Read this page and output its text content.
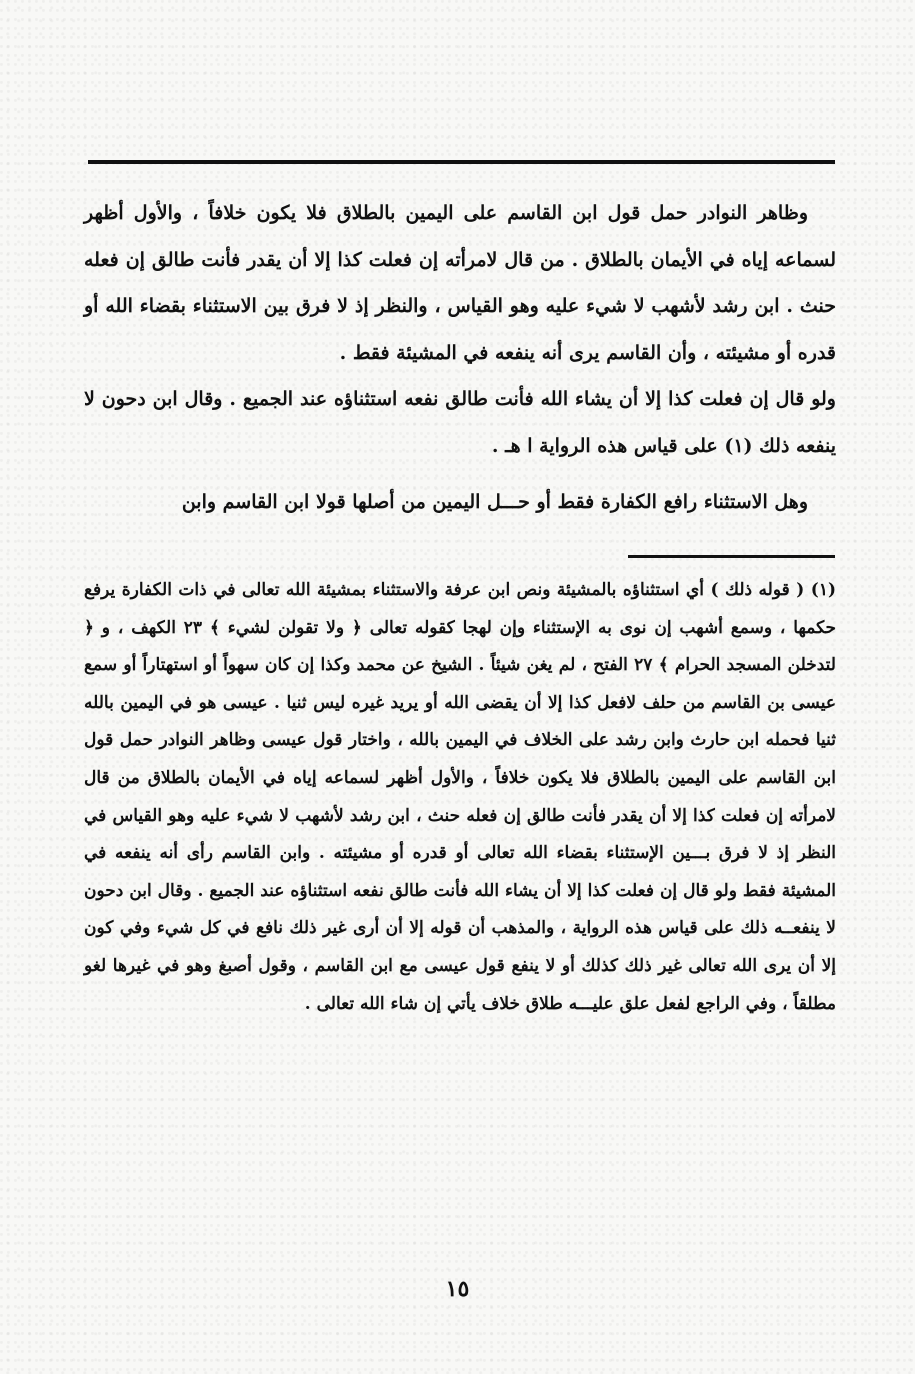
وظاهر النوادر حمل قول ابن القاسم على اليمين بالطلاق فلا يكون خلافاً ، والأول أظهر لسماعه إياه في الأيمان بالطلاق . من قال لامرأته إن فعلت كذا إلا أن يقدر فأنت طالق إن فعله حنث . ابن رشد لأشهب لا شيء عليه وهو القياس ، والنظر إذ لا فرق بين الاستثناء بقضاء الله أو قدره أو مشيئته ، وأن القاسم يرى أنه ينفعه في المشيئة فقط .

ولو قال إن فعلت كذا إلا أن يشاء الله فأنت طالق نفعه استثناؤه عند الجميع . وقال ابن دحون لا ينفعه ذلك (١) على قياس هذه الرواية ا هـ .

وهل الاستثناء رافع الكفارة فقط أو حـــل اليمين من أصلها قولا ابن القاسم وابن

(١) ( قوله ذلك ) أي استثناؤه بالمشيئة ونص ابن عرفة والاستثناء بمشيئة الله تعالى في ذات الكفارة يرفع حكمها ، وسمع أشهب إن نوى به الإستثناء وإن لهجا كقوله تعالى ﴿ ولا تقولن لشيء ﴾ ٢٣ الكهف ، و ﴿ لتدخلن المسجد الحرام ﴾ ٢٧ الفتح ، لم يغن شيئاً . الشيخ عن محمد وكذا إن كان سهواً أو استهتاراً أو سمع عيسى بن القاسم من حلف لافعل كذا إلا أن يقضى الله أو يريد غيره ليس ثنيا . عيسى هو في اليمين بالله ثنيا فحمله ابن حارث وابن رشد على الخلاف في اليمين بالله ، واختار قول عيسى وظاهر النوادر حمل قول ابن القاسم على اليمين بالطلاق فلا يكون خلافاً ، والأول أظهر لسماعه إياه في الأيمان بالطلاق من قال لامرأته إن فعلت كذا إلا أن يقدر فأنت طالق إن فعله حنث ، ابن رشد لأشهب لا شيء عليه وهو القياس في النظر إذ لا فرق بـــين الإستثناء بقضاء الله تعالى أو قدره أو مشيئته . وابن القاسم رأى أنه ينفعه في المشيئة فقط ولو قال إن فعلت كذا إلا أن يشاء الله فأنت طالق نفعه استثناؤه عند الجميع . وقال ابن دحون لا ينفعــه ذلك على قياس هذه الرواية ، والمذهب أن قوله إلا أن أرى غير ذلك نافع في كل شيء وفي كون إلا أن يرى الله تعالى غير ذلك كذلك أو لا ينفع قول عيسى مع ابن القاسم ، وقول أصبغ وهو في غيرها لغو مطلقاً ، وفي الراجع لفعل علق عليـــه طلاق خلاف يأتي إن شاء الله تعالى .

١٥
